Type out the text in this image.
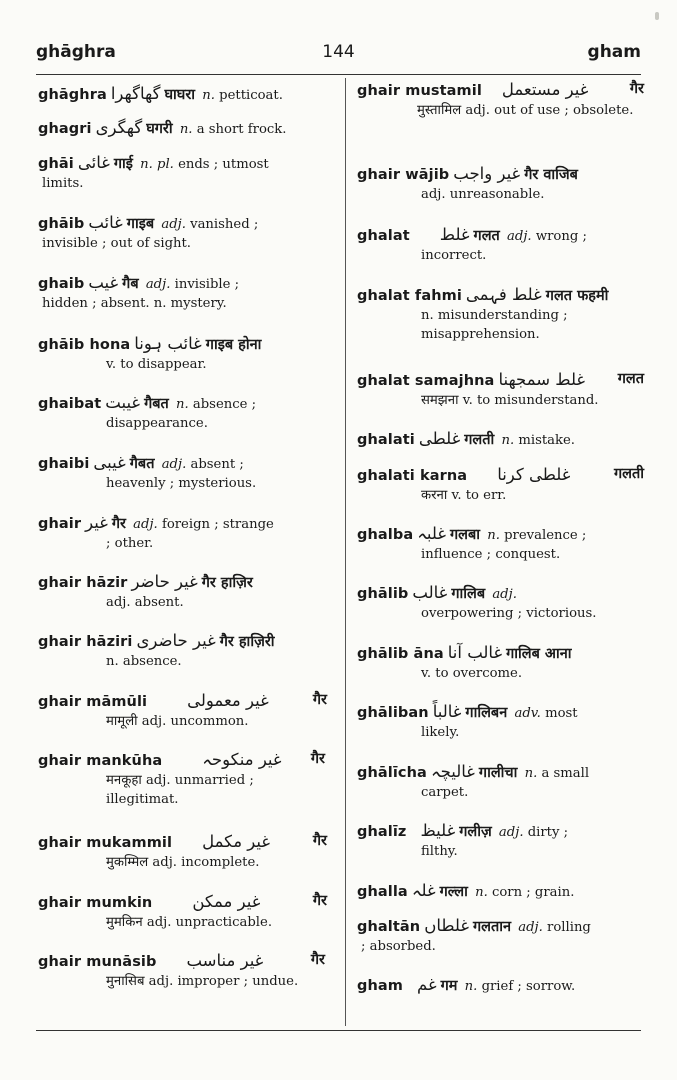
ghāghra	144	gham
ghāghra گھاگھرا घाघरा n. petticoat.
ghagri گھگری घगरी n. a short frock.
ghāi غائی गाई n. pl. ends ; utmost
limits.
ghāib غائب गाइब adj. vanished ;
invisible ; out of sight.
ghaib غیب गैब adj. invisible ;
hidden ; absent. n. mystery.
ghāib hona غائب ہونا गाइब होना
v. to disappear.
ghaibat غیبت गैबत n. absence ;
disappearance.
ghaibi غیبی गैबत adj. absent ;
heavenly ; mysterious.
ghair غیر गैर adj. foreign ; strange
; other.
ghair hāzir غیر حاضر गैर हाज़िर
adj. absent.
ghair hāziri غیر حاضری गैर हाज़िरी
n. absence.
ghair māmūli غیر معمولی	गैर

मामूली adj. uncommon.
ghair mankūha غیر منکوحہ गैर

मनकूहा adj. unmarried ; illegitimat.
ghair mukammil غیر مکمل	गैर

मुकम्मिल adj. incomplete.
ghair mumkin غیر ممکن	गैर

मुमकिन adj. unpracticable.
ghair munāsib غیر مناسب	गैर

मुनासिब adj. improper ; undue.
ghair mustamil غیر مستعمل	गैर

मुस्तामिल adj. out of use ; obsolete.
ghair wājib غیر واجب गैर वाजिब
adj. unreasonable.
ghalat غلط गलत adj. wrong ;
incorrect.
ghalat fahmi غلط فہمی गलत फहमी

n. misunderstanding ; misapprehension.
ghalat samajhna غلط سمجھنا गलत

समझना v. to misunderstand.
ghalati غلطی गलती n. mistake.
ghalati karna غلطی کرنا	गलती

करना v. to err.
ghalba غلبہ गलबा n. prevalence ;
influence ; conquest.
ghālib غالب गालिब adj.
overpowering ; victorious.
ghālib āna غالب آنا गालिब आना
v. to overcome.
ghāliban غالباً गालिबन adv. most
likely.
ghālīcha غالیچہ गालीचा n. a small
carpet.
ghalīz غلیظ गलीज़ adj. dirty ;
filthy.
ghalla غلہ गल्ला n. corn ; grain.
ghaltān غلطاں गलतान adj. rolling
; absorbed.
gham غم गम n. grief ; sorrow.
